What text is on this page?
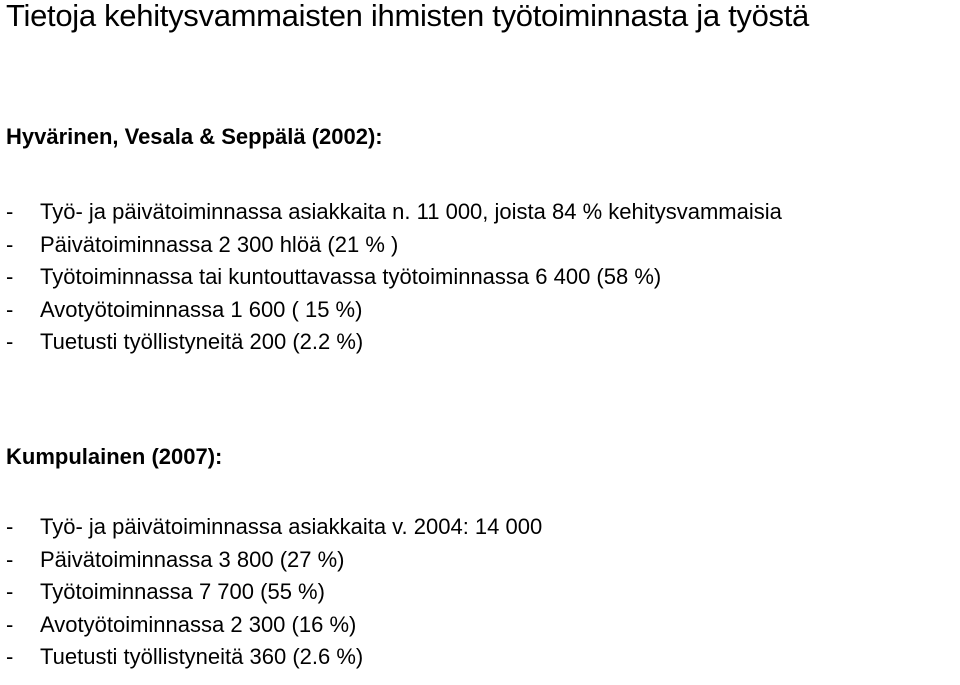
Tietoja kehitysvammaisten ihmisten työtoiminnasta ja työstä
Hyvärinen, Vesala & Seppälä (2002):
-	Työ- ja päivätoiminnassa asiakkaita n. 11 000, joista 84 % kehitysvammaisia
-	Päivätoiminnassa 2 300 hlöä (21 % )
-	Työtoiminnassa tai kuntouttavassa työtoiminnassa 6 400 (58 %)
-	Avotyötoiminnassa 1 600 ( 15 %)
-	Tuetusti työllistyneitä 200 (2.2 %)
Kumpulainen (2007):
-	Työ- ja päivätoiminnassa asiakkaita v. 2004: 14 000
-	Päivätoiminnassa 3 800 (27 %)
-	Työtoiminnassa 7 700 (55 %)
-	Avotyötoiminnassa 2 300 (16 %)
-	Tuetusti työllistyneitä 360 (2.6 %)
